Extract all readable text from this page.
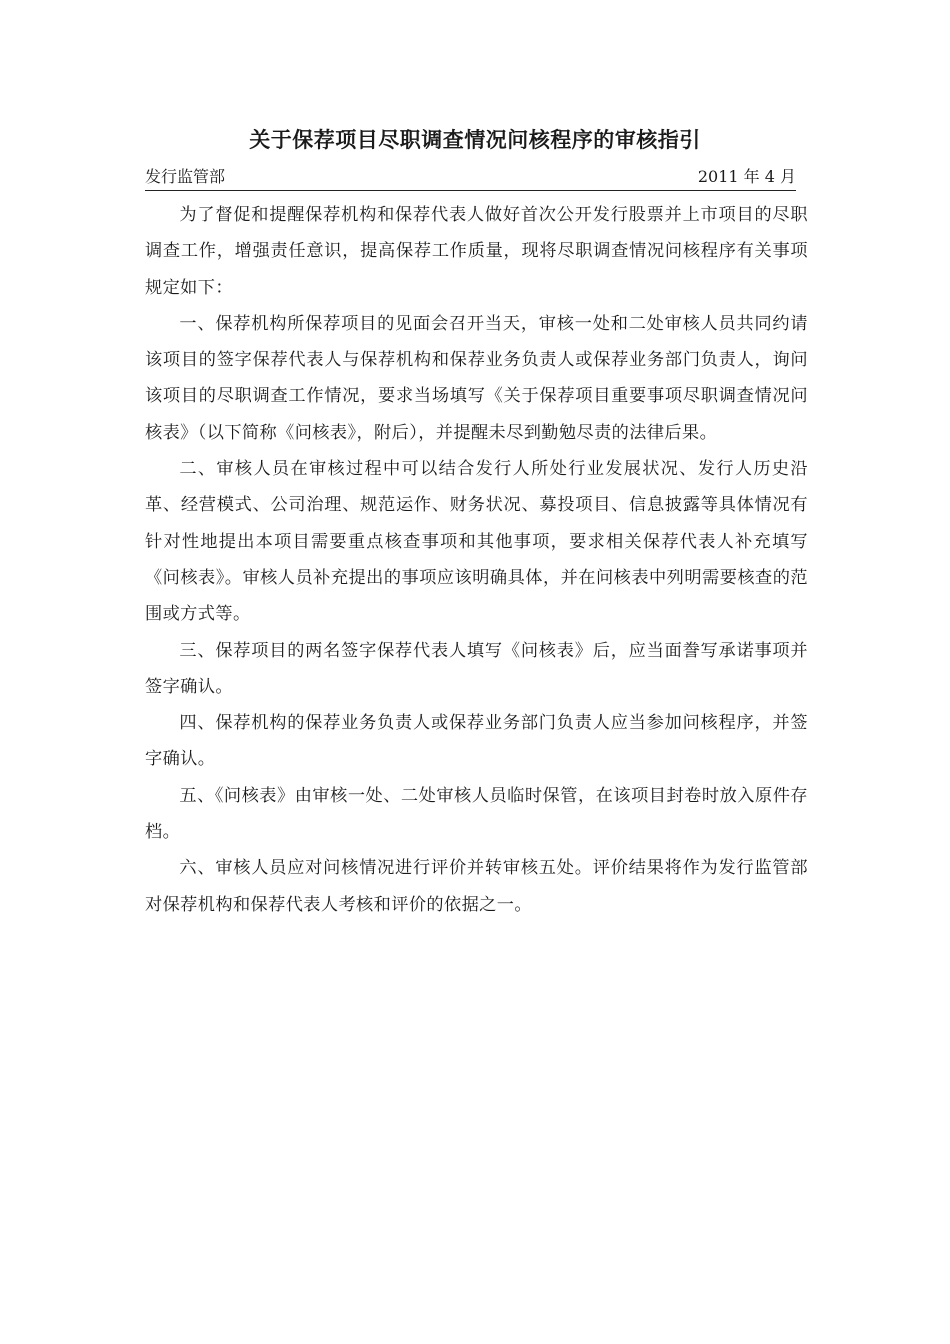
关于保荐项目尽职调查情况问核程序的审核指引
发行监管部	2011 年 4 月

为了督促和提醒保荐机构和保荐代表人做好首次公开发行股票并上市项目的尽职调查工作，增强责任意识，提高保荐工作质量，现将尽职调查情况问核程序有关事项规定如下：

一、保荐机构所保荐项目的见面会召开当天，审核一处和二处审核人员共同约请该项目的签字保荐代表人与保荐机构和保荐业务负责人或保荐业务部门负责人，询问该项目的尽职调查工作情况，要求当场填写《关于保荐项目重要事项尽职调查情况问核表》（以下简称《问核表》，附后），并提醒未尽到勤勉尽责的法律后果。

二、审核人员在审核过程中可以结合发行人所处行业发展状况、发行人历史沿革、经营模式、公司治理、规范运作、财务状况、募投项目、信息披露等具体情况有针对性地提出本项目需要重点核查事项和其他事项，要求相关保荐代表人补充填写《问核表》。审核人员补充提出的事项应该明确具体，并在问核表中列明需要核查的范围或方式等。

三、保荐项目的两名签字保荐代表人填写《问核表》后，应当面誊写承诺事项并签字确认。

四、保荐机构的保荐业务负责人或保荐业务部门负责人应当参加问核程序，并签字确认。

五、《问核表》由审核一处、二处审核人员临时保管，在该项目封卷时放入原件存档。

六、审核人员应对问核情况进行评价并转审核五处。评价结果将作为发行监管部对保荐机构和保荐代表人考核和评价的依据之一。
